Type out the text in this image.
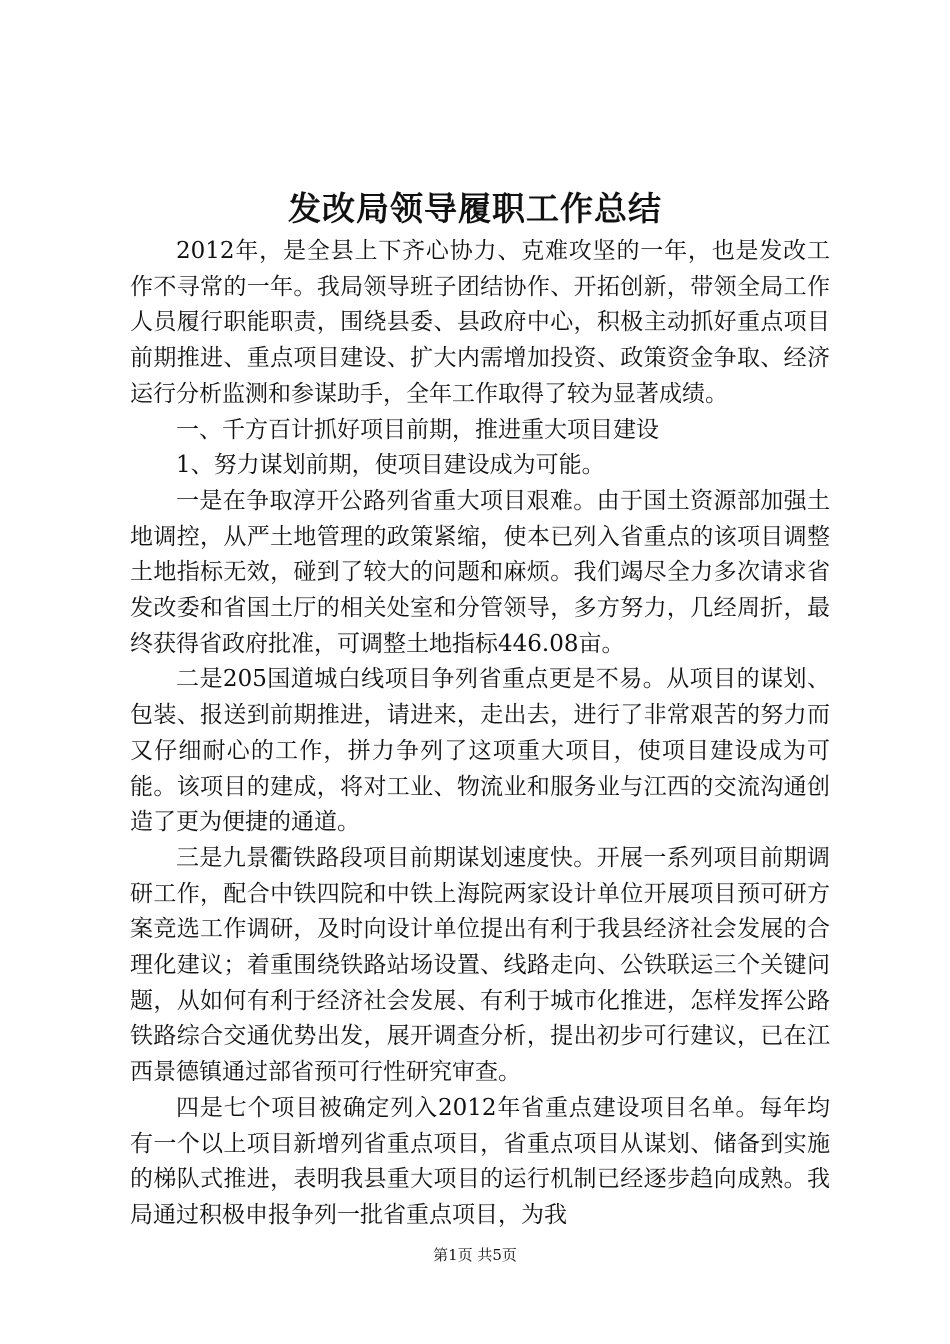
发改局领导履职工作总结

2012年，是全县上下齐心协力、克难攻坚的一年，也是发改工作不寻常的一年。我局领导班子团结协作、开拓创新，带领全局工作人员履行职能职责，围绕县委、县政府中心，积极主动抓好重点项目前期推进、重点项目建设、扩大内需增加投资、政策资金争取、经济运行分析监测和参谋助手，全年工作取得了较为显著成绩。

一、千方百计抓好项目前期，推进重大项目建设

1、努力谋划前期，使项目建设成为可能。

一是在争取淳开公路列省重大项目艰难。由于国土资源部加强土地调控，从严土地管理的政策紧缩，使本已列入省重点的该项目调整土地指标无效，碰到了较大的问题和麻烦。我们竭尽全力多次请求省发改委和省国土厅的相关处室和分管领导，多方努力，几经周折，最终获得省政府批准，可调整土地指标446.08亩。

二是205国道城白线项目争列省重点更是不易。从项目的谋划、包装、报送到前期推进，请进来，走出去，进行了非常艰苦的努力而又仔细耐心的工作，拼力争列了这项重大项目，使项目建设成为可能。该项目的建成，将对工业、物流业和服务业与江西的交流沟通创造了更为便捷的通道。

三是九景衢铁路段项目前期谋划速度快。开展一系列项目前期调研工作，配合中铁四院和中铁上海院两家设计单位开展项目预可研方案竞选工作调研，及时向设计单位提出有利于我县经济社会发展的合理化建议；着重围绕铁路站场设置、线路走向、公铁联运三个关键问题，从如何有利于经济社会发展、有利于城市化推进，怎样发挥公路铁路综合交通优势出发，展开调查分析，提出初步可行建议，已在江西景德镇通过部省预可行性研究审查。

四是七个项目被确定列入2012年省重点建设项目名单。每年均有一个以上项目新增列省重点项目，省重点项目从谋划、储备到实施的梯队式推进，表明我县重大项目的运行机制已经逐步趋向成熟。我局通过积极申报争列一批省重点项目，为我

第1页 共5页
